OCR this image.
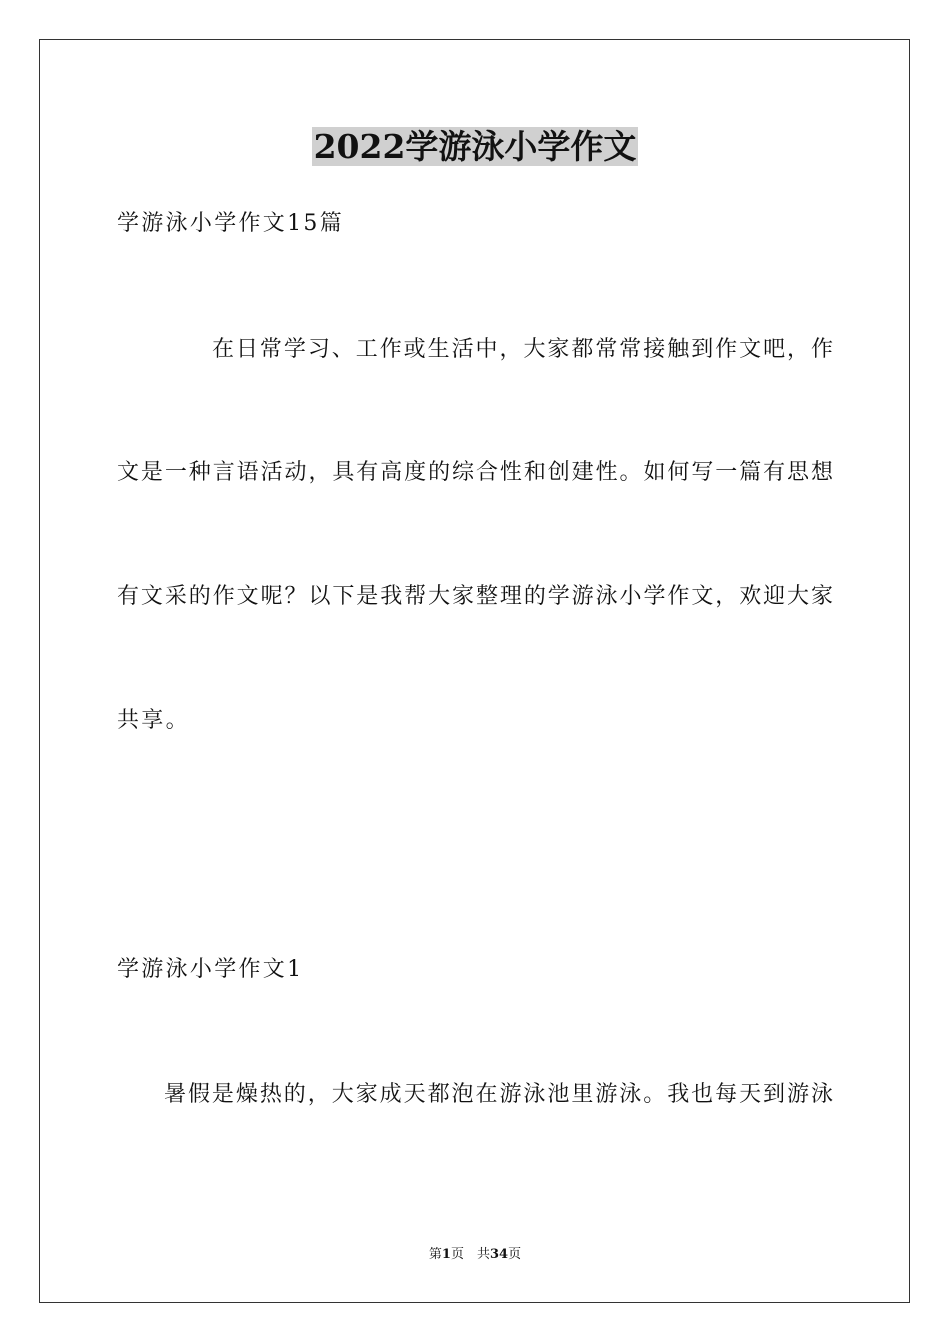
2022学游泳小学作文
学游泳小学作文15篇
在日常学习、工作或生活中，大家都常常接触到作文吧，作
文是一种言语活动，具有高度的综合性和创建性。如何写一篇有思想
有文采的作文呢？以下是我帮大家整理的学游泳小学作文，欢迎大家
共享。
学游泳小学作文1
暑假是燥热的，大家成天都泡在游泳池里游泳。我也每天到游泳
第1页　共34页
